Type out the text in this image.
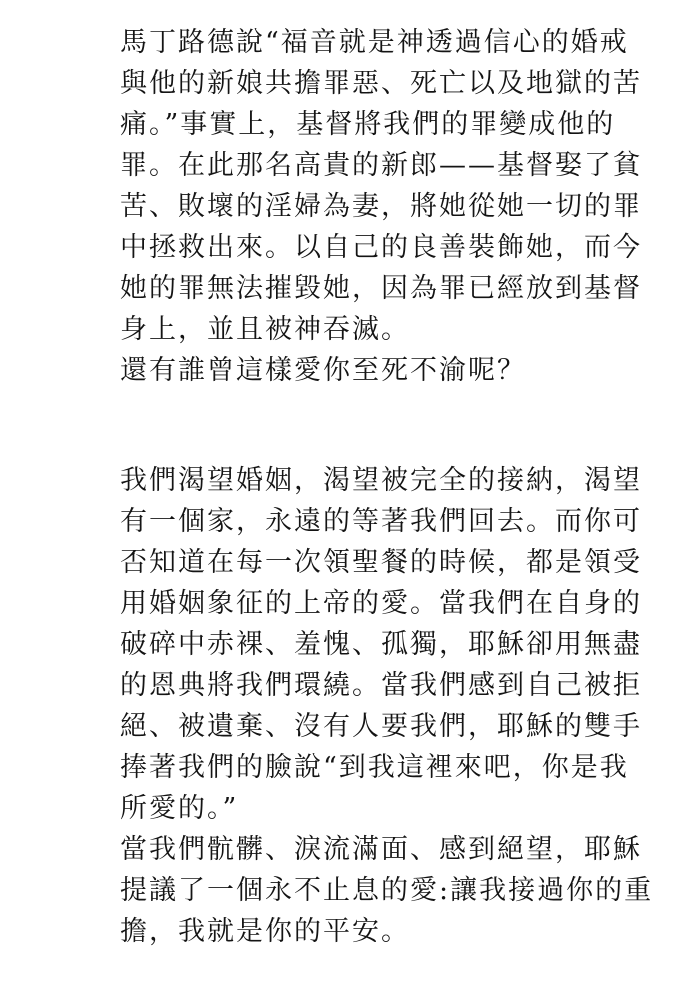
馬丁路德說“福音就是神透過信心的婚戒
與他的新娘共擔罪惡、死亡以及地獄的苦
痛。”事實上，基督將我們的罪變成他的
罪。在此那名高貴的新郎——基督娶了貧
苦、敗壞的淫婦為妻，將她從她一切的罪
中拯救出來。以自己的良善裝飾她，而今
她的罪無法摧毀她，因為罪已經放到基督
身上，並且被神吞滅。
還有誰曾這樣愛你至死不渝呢？
我們渴望婚姻，渴望被完全的接納，渴望
有一個家，永遠的等著我們回去。而你可
否知道在每一次領聖餐的時候，都是領受
用婚姻象征的上帝的愛。當我們在自身的
破碎中赤裸、羞愧、孤獨，耶穌卻用無盡
的恩典將我們環繞。當我們感到自己被拒
絕、被遺棄、沒有人要我們，耶穌的雙手
捧著我們的臉說“到我這裡來吧，你是我
所愛的。”
當我們骯髒、淚流滿面、感到絕望，耶穌
提議了一個永不止息的愛:讓我接過你的重
擔，我就是你的平安。
